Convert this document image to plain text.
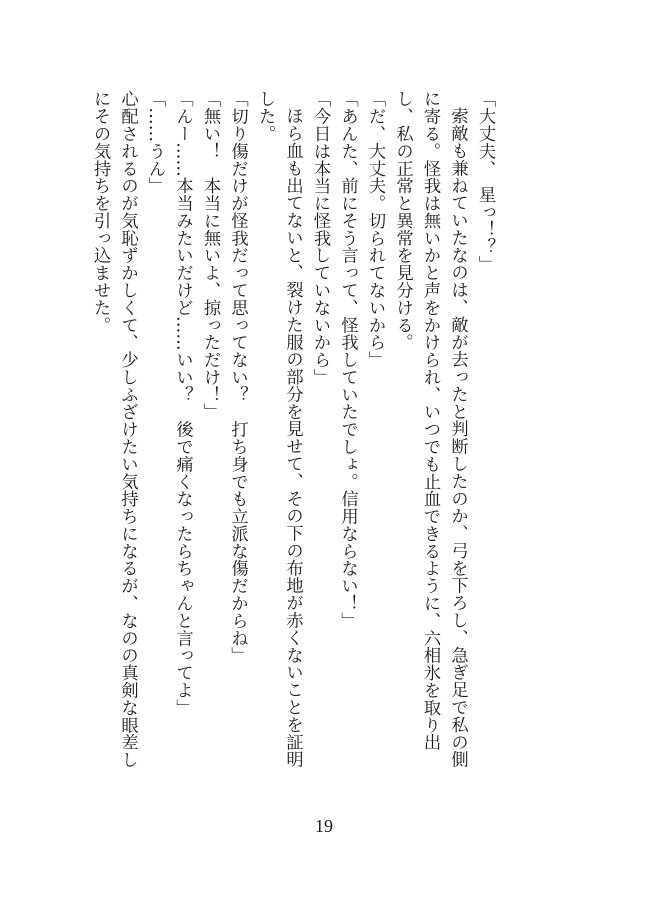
「大丈夫、　星っ！？」

索敵も兼ねていたなのは、敵が去ったと判断したのか、弓を下ろし、急ぎ足で私の側に寄る。怪我は無いかと声をかけられ、いつでも止血できるように、六相氷を取り出し、私の正常と異常を見分ける。

「だ、大丈夫。切られてないから」

「あんた、前にそう言って、怪我していたでしょ。信用ならない！」

「今日は本当に怪我していないから」

ほら血も出てないと、裂けた服の部分を見せて、その下の布地が赤くないことを証明した。

「切り傷だけが怪我だって思ってない？　打ち身でも立派な傷だからね」

「無い！　本当に無いよ、掠っただけ！」

「んー……本当みたいだけど……いい？　後で痛くなったらちゃんと言ってよ」

「……うん」

心配されるのが気恥ずかしくて、少しふざけたい気持ちになるが、なのの真剣な眼差しにその気持ちを引っ込ませた。

19
